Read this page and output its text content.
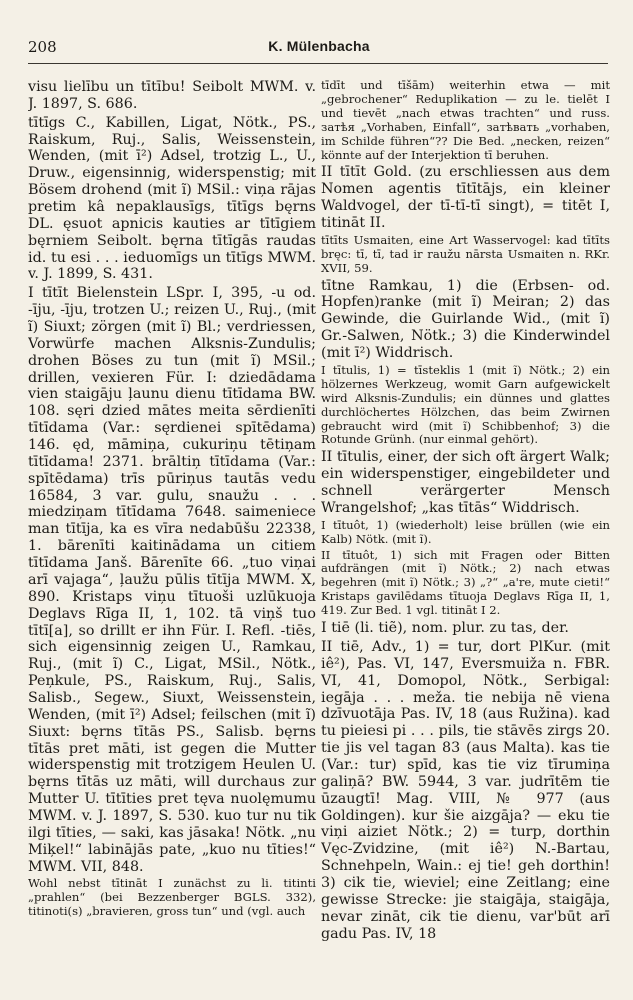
208	K. Mülenbacha

visu lielību un tītību! Seibolt MWM. v. J. 1897, S. 686.

tītīgs C., Kabillen, Ligat, Nötk., PS., Raiskum, Ruj., Salis, Weissenstein, Wenden, (mit ī²) Adsel, trotzig L., U., Druw., eigensinnig, widerspenstig; mit Bösem drohend (mit ĩ) MSil.: viņa rājas pretim kâ nepaklausīgs, tītīgs bęrns DL. ęsuot apnicis kauties ar tītīgiem bęrniem Seibolt. bęrna tītīgās raudas id. tu esi . . . ieduomīgs un tītīgs MWM. v. J. 1899, S. 431.

I tītīt Bielenstein LSpr. I, 395, -u od. -īju, -īju, trotzen U.; reizen U., Ruj., (mit ĩ) Siuxt; zörgen (mit ĩ) Bl.; verdriessen, Vorwürfe machen Alksnis-Zundulis; drohen Böses zu tun (mit ĩ) MSil.; drillen, vexieren Für. I: dziedādama vien staigāju ļaunu dienu tītīdama BW. 108. sęri dzied mātes meita sērdienīti tītīdama (Var.: sęrdienei spītēdama) 146. ęd, māmiņa, cukuriņu tētiņam tītīdama! 2371. brāltiņ tītīdama (Var.: spītēdama) trīs pūriņus tautās vedu 16584, 3 var. gulu, snaužu . . . miedziņam tītīdama 7648. saimeniece man tītīja, ka es vīra nedabūšu 22338, 1. bārenīti kaitinādama un citiem tītīdama Janš. Bārenīte 66. „tuo viņai arī vajaga“, ļaužu pūlis tītīja MWM. X, 890. Kristaps viņu tītuoši uzlūkuoja Deglavs Rīga II, 1, 102. tā viņš tuo tītī[a], so drillt er ihn Für. I. Refl. -tiēs, sich eigensinnig zeigen U., Ramkau, Ruj., (mit ĩ) C., Ligat, MSil., Nötk., Peņkule, PS., Raiskum, Ruj., Salis, Salisb., Segew., Siuxt, Weissenstein, Wenden, (mit ī²) Adsel; feilschen (mit ĩ) Siuxt: bęrns tītās PS., Salisb. bęrns tītās pret māti, ist gegen die Mutter widerspenstig mit trotzigem Heulen U. bęrns tītās uz māti, will durchaus zur Mutter U. tītīties pret tęva nuolęmumu MWM. v. J. 1897, S. 530. kuo tur nu tik ilgi tīties, — saki, kas jāsaka! Nötk. „nu Miķel!“ labinājās pate, „kuo nu tīties!“ MWM. VII, 848.

Wohl nebst tītināt I zunächst zu li. titinti „prahlen“ (bei Bezzenberger BGLS. 332), titinoti(s) „bravieren, gross tun“ und (vgl. auch

tīdīt und tīšām) weiterhin etwa — mit „gebrochener“ Reduplikation — zu le. tielēt I und tievēt „nach etwas trachten“ und russ. затѣя „Vorhaben, Einfall“, затѣвать „vorhaben, im Schilde führen“?? Die Bed. „necken, reizen“ könnte auf der Interjektion tī beruhen.

II tītīt Gold. (zu erschliessen aus dem Nomen agentis tītītājs, ein kleiner Waldvogel, der tī-tī-tī singt), = titēt I, titināt II.

tītīts Usmaiten, eine Art Wasservogel: kad tītīts bręc: tī, tī, tad ir raužu nārsta Usmaiten n. RKr. XVII, 59.

tītne Ramkau, 1) die (Erbsen- od. Hopfen)ranke (mit ĩ) Meiran; 2) das Gewinde, die Guirlande Wid., (mit ĩ) Gr.-Salwen, Nötk.; 3) die Kinderwindel (mit ī²) Widdrisch.

I tītulis, 1) = tīsteklis 1 (mit ĩ) Nötk.; 2) ein hölzernes Werkzeug, womit Garn aufgewickelt wird Alksnis-Zundulis; ein dünnes und glattes durchlöchertes Hölzchen, das beim Zwirnen gebraucht wird (mit ĩ) Schibbenhof; 3) die Rotunde Grünh. (nur einmal gehört).

II tītulis, einer, der sich oft ärgert Walk; ein widerspenstiger, eingebildeter und schnell verärgerter Mensch Wrangelshof; „kas tītās“ Widdrisch.

I tītuôt, 1) (wiederholt) leise brüllen (wie ein Kalb) Nötk. (mit ĩ).

II tītuôt, 1) sich mit Fragen oder Bitten aufdrängen (mit ĩ) Nötk.; 2) nach etwas begehren (mit ĩ) Nötk.; 3) „?“ „a're, mute cieti!“ Kristaps gavilēdams tītuoja Deglavs Rīga II, 1, 419. Zur Bed. 1 vgl. titināt I 2.

I tiē (li. tiẽ), nom. plur. zu tas, der.

II tiē, Adv., 1) = tur, dort PlKur. (mit iê²), Pas. VI, 147, Eversmuiža n. FBR. VI, 41, Domopol, Nötk., Serbigal: iegāja . . . meža. tie nebija nē viena dzīvuotāja Pas. IV, 18 (aus Ružina). kad tu pieiesi pi . . . pils, tie stāvēs zirgs 20. tie jis vel tagan 83 (aus Malta). kas tie (Var.: tur) spīd, kas tie viz tīrumiņa galiņā? BW. 5944, 3 var. judrītēm tie ūzaugtī! Mag. VIII, № 977 (aus Goldingen). kur šie aizgāja? — eku tie viņi aiziet Nötk.; 2) = turp, dorthin Vęc-Zvidzine, (mit iê²) N.-Bartau, Schnehpeln, Wain.: ej tie! geh dorthin! 3) cik tie, wieviel; eine Zeitlang; eine gewisse Strecke: jie staigāja, staigāja, nevar zināt, cik tie dienu, var'būt arī gadu Pas. IV, 18
